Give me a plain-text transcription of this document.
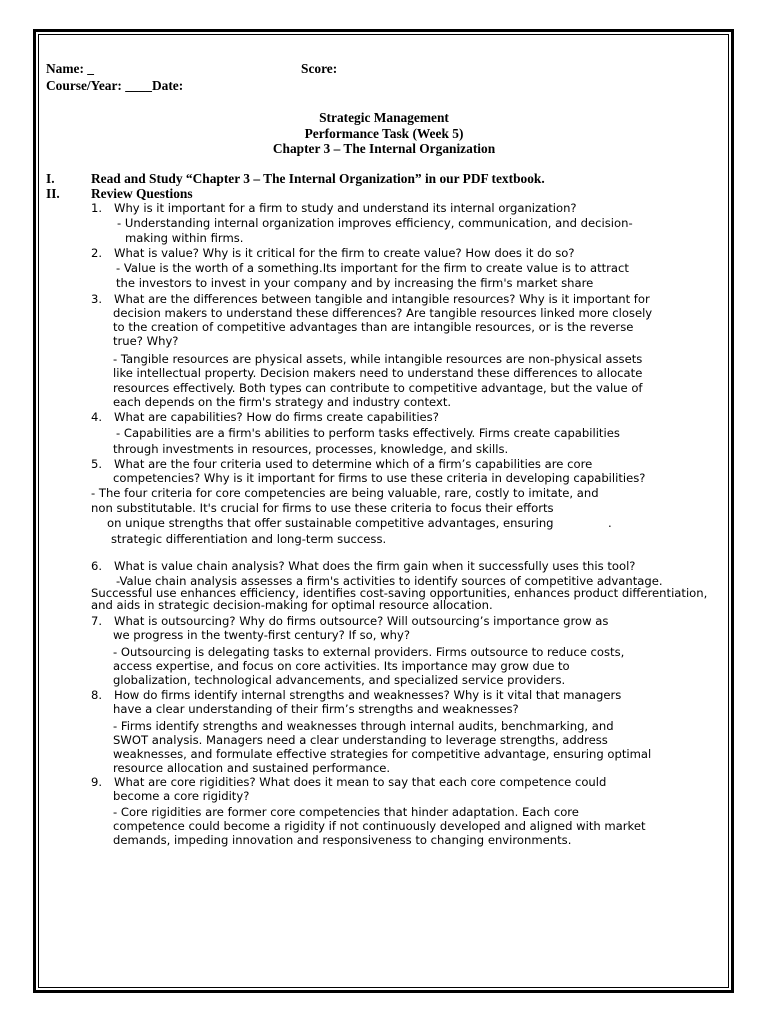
Name: _	Score:
Course/Year: ____Date:
Strategic Management
Performance Task (Week 5)
Chapter 3 – The Internal Organization
I.	Read and Study “Chapter 3 – The Internal Organization” in our PDF textbook.
II. Review Questions
1. Why is it important for a firm to study and understand its internal organization?
- Understanding internal organization improves efficiency, communication, and decision-
making within firms.
2. What is value? Why is it critical for the firm to create value? How does it do so?
- Value is the worth of a something.Its important for the firm to create value is to attract
the investors to invest in your company and by increasing the firm's market share
3. What are the differences between tangible and intangible resources? Why is it important for
decision makers to understand these differences? Are tangible resources linked more closely
to the creation of competitive advantages than are intangible resources, or is the reverse
true? Why?
- Tangible resources are physical assets, while intangible resources are non-physical assets
like intellectual property. Decision makers need to understand these differences to allocate
resources effectively. Both types can contribute to competitive advantage, but the value of
each depends on the firm's strategy and industry context.
4. What are capabilities? How do firms create capabilities?
- Capabilities are a firm's abilities to perform tasks effectively. Firms create capabilities
through investments in resources, processes, knowledge, and skills.
5. What are the four criteria used to determine which of a firm’s capabilities are core
competencies? Why is it important for firms to use these criteria in developing capabilities?
- The four criteria for core competencies are being valuable, rare, costly to imitate, and
non substitutable. It's crucial for firms to use these criteria to focus their efforts
on unique strengths that offer sustainable competitive advantages, ensuring	.
strategic differentiation and long-term success.
6. What is value chain analysis? What does the firm gain when it successfully uses this tool?
-Value chain analysis assesses a firm's activities to identify sources of competitive advantage.
Successful use enhances efficiency, identifies cost-saving opportunities, enhances product differentiation,
and aids in strategic decision-making for optimal resource allocation.
7. What is outsourcing? Why do firms outsource? Will outsourcing’s importance grow as
we progress in the twenty-first century? If so, why?
- Outsourcing is delegating tasks to external providers. Firms outsource to reduce costs,
access expertise, and focus on core activities. Its importance may grow due to
globalization, technological advancements, and specialized service providers.
8. How do firms identify internal strengths and weaknesses? Why is it vital that managers
have a clear understanding of their firm’s strengths and weaknesses?
- Firms identify strengths and weaknesses through internal audits, benchmarking, and
SWOT analysis. Managers need a clear understanding to leverage strengths, address
weaknesses, and formulate effective strategies for competitive advantage, ensuring optimal
resource allocation and sustained performance.
9. What are core rigidities? What does it mean to say that each core competence could
become a core rigidity?
- Core rigidities are former core competencies that hinder adaptation. Each core
competence could become a rigidity if not continuously developed and aligned with market
demands, impeding innovation and responsiveness to changing environments.
